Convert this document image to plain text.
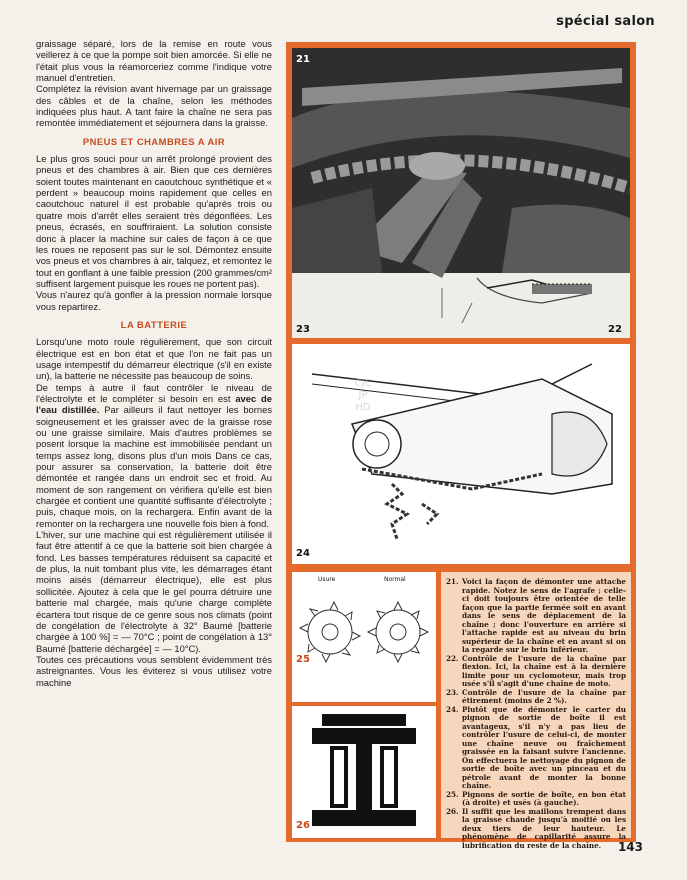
spécial salon

graissage séparé, lors de la remise en route vous veillerez à ce que la pompe soit bien amorcée. Si elle ne l'était plus vous la réamorceriez comme l'indique votre manuel d'entretien.

Complétez la révision avant hivernage par un graissage des câbles et de la chaîne, selon les méthodes indiquées plus haut. A tant faire la chaîne ne sera pas remontée immédiatement et séjournera dans la graisse.

PNEUS ET CHAMBRES A AIR

Le plus gros souci pour un arrêt prolongé provient des pneus et des chambres à air. Bien que ces dernières soient toutes maintenant en caoutchouc synthétique et « perdent » beaucoup moins rapidement que celles en caoutchouc naturel il est probable qu'après trois ou quatre mois d'arrêt elles seraient très dégonflées. Les pneus, écrasés, en souffriraient. La solution consiste donc à placer la machine sur cales de façon à ce que les roues ne reposent pas sur le sol. Démontez ensuite vos pneus et vos chambres à air, talquez, et remontez le tout en gonflant à une faible pression (200 grammes/cm² suffisent largement puisque les roues ne portent pas).

Vous n'aurez qu'à gonfler à la pression normale lorsque vous repartirez.

LA BATTERIE

Lorsqu'une moto roule régulièrement, que son circuit électrique est en bon état et que l'on ne fait pas un usage intempestif du démarreur électrique (s'il en existe un), la batterie ne nécessite pas beaucoup de soins.

De temps à autre il faut contrôler le niveau de l'électrolyte et le compléter si besoin en est avec de l'eau distillée. Par ailleurs il faut nettoyer les bornes soigneusement et les graisser avec de la graisse rose ou une graisse similaire. Mais d'autres problèmes se posent lorsque la machine est immobilisée pendant un temps assez long, disons plus d'un mois Dans ce cas, pour assurer sa conservation, la batterie doit être démontée et rangée dans un endroit sec et froid. Au moment de son rangement on vérifiera qu'elle est bien chargée et contient une quantité suffisante d'électrolyte ; puis, chaque mois, on la rechargera. Enfin avant de la remonter on la rechargera une nouvelle fois bien à fond.

L'hiver, sur une machine qui est régulièrement utilisée il faut être attentif à ce que la batterie soit bien chargée à fond. Les basses températures réduisent sa capacité et de plus, la nuit tombant plus vite, les démarrages étant moins aisés (démarreur électrique), elle est plus sollicitée. Ajoutez à cela que le gel pourra détruire une batterie mal chargée, mais qu'une charge complète écartera tout risque de ce genre sous nos climats (point de congélation de l'électrolyte à 32° Baumé [batterie chargée à 100 %] = — 70°C ; point de congélation à 13° Baumé [batterie déchargée] = — 10°C).

Toutes ces précautions vous semblent évidemment très astreignantes. Vous les éviterez si vous utilisez votre machine

21
23	22
24
Usure	Normal
25
26
21. Voici la façon de démonter une attache rapide. Notez le sens de l'agrafe ; celle-ci doit toujours être orientée de telle façon que la partie fermée soit en avant dans le sens de déplacement de la chaîne ; donc l'ouverture en arrière si l'attache rapide est au niveau du brin supérieur de la chaîne et en avant si on la regarde sur le brin inférieur.
22. Contrôle de l'usure de la chaîne par flexion. Ici, la chaîne est à la dernière limite pour un cyclomoteur, mais trop usée s'il s'agit d'une chaîne de moto.
23. Contrôle de l'usure de la chaîne par étirement (moins de 2 %).
24. Plutôt que de démonter le carter du pignon de sortie de boîte il est avantageux, s'il n'y a pas lieu de contrôler l'usure de celui-ci, de monter une chaîne neuve ou fraîchement graissée en la faisant suivre l'ancienne. On effectuera le nettoyage du pignon de sortie de boîte avec un pinceau et du pétrole avant de monter la bonne chaîne.
25. Pignons de sortie de boîte, en bon état (à droite) et usés (à gauche).
26. Il suffit que les maillons trempent dans la graisse chaude jusqu'à moitié ou les deux tiers de leur hauteur. Le phénomène de capillarité assure la lubrification du reste de la chaîne.
CJC
JP
HD
143
